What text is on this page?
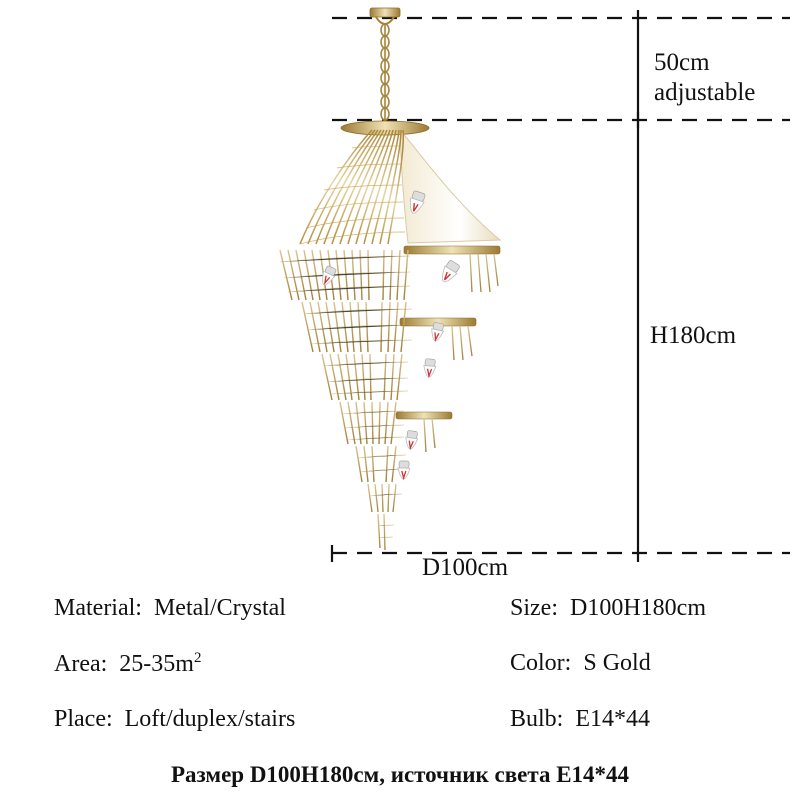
50cm
adjustable
H180cm
D100cm
Material: Metal/Crystal	Size: D100H180cm
Area: $25-35m^2$	Color: S Gold
Place: Loft/duplex/stairs	Bulb: E14*44
Размер D100H180см, источник света E14*44
